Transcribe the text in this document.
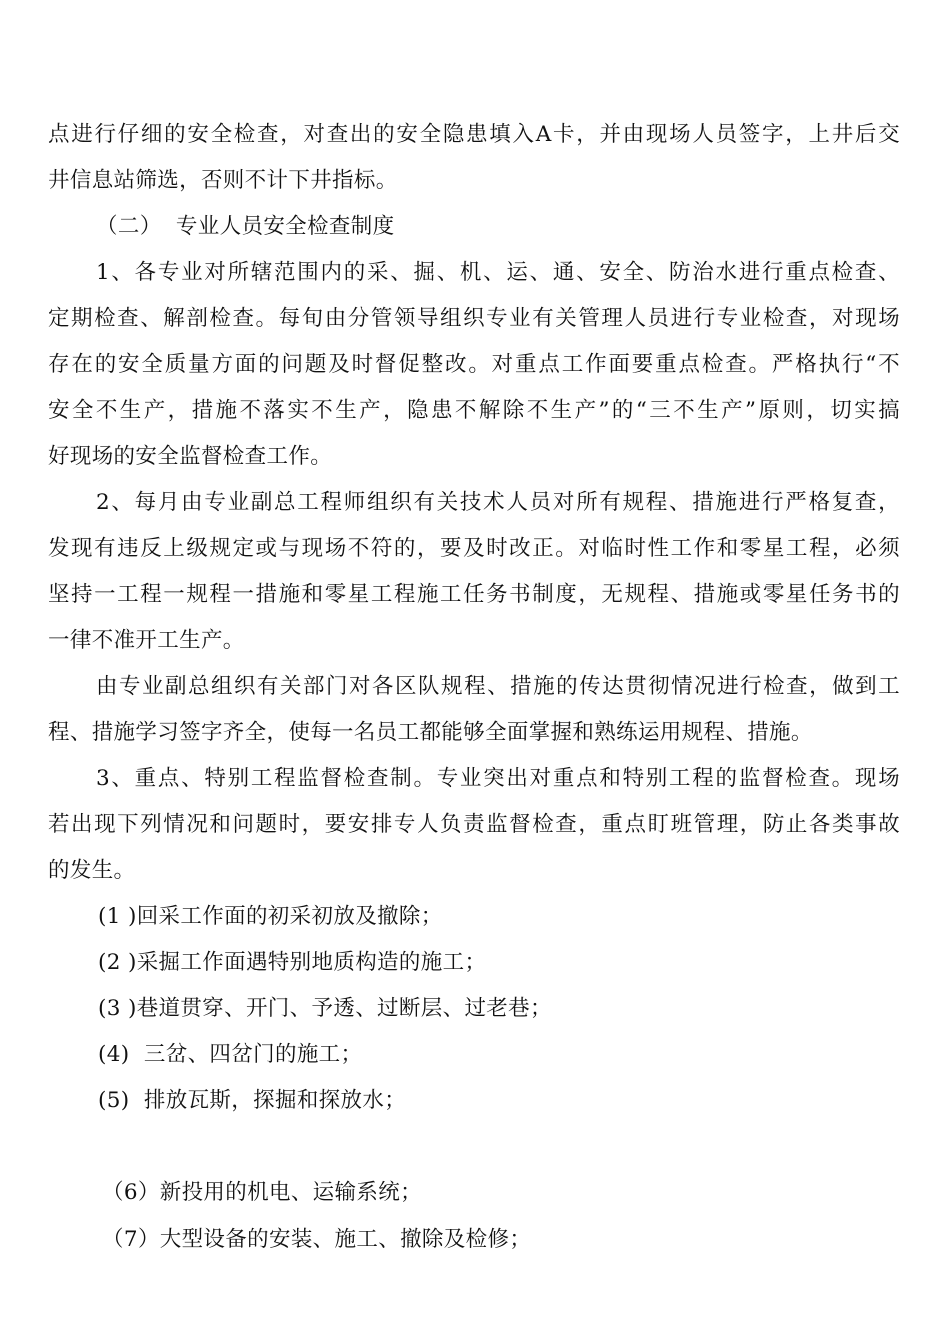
点进行仔细的安全检查，对查出的安全隐患填入A卡，并由现场人员签字，上井后交
井信息站筛选，否则不计下井指标。
（二）  专业人员安全检查制度
1、各专业对所辖范围内的采、掘、机、运、通、安全、防治水进行重点检查、
定期检查、解剖检查。每旬由分管领导组织专业有关管理人员进行专业检查，对现场
存在的安全质量方面的问题及时督促整改。对重点工作面要重点检查。严格执行“不
安全不生产，措施不落实不生产，隐患不解除不生产”的“三不生产”原则，切实搞
好现场的安全监督检查工作。
2、每月由专业副总工程师组织有关技术人员对所有规程、措施进行严格复查，
发现有违反上级规定或与现场不符的，要及时改正。对临时性工作和零星工程，必须
坚持一工程一规程一措施和零星工程施工任务书制度，无规程、措施或零星任务书的
一律不准开工生产。
由专业副总组织有关部门对各区队规程、措施的传达贯彻情况进行检查，做到工
程、措施学习签字齐全，使每一名员工都能够全面掌握和熟练运用规程、措施。
3、重点、特别工程监督检查制。专业突出对重点和特别工程的监督检查。现场
若出现下列情况和问题时，要安排专人负责监督检查，重点盯班管理，防止各类事故
的发生。
(1 )回采工作面的初采初放及撤除；
(2 )采掘工作面遇特别地质构造的施工；
(3 )巷道贯穿、开门、予透、过断层、过老巷；
(4)  三岔、四岔门的施工；
(5)  排放瓦斯，探掘和探放水；
（6）新投用的机电、运输系统；
（7）大型设备的安装、施工、撤除及检修；
